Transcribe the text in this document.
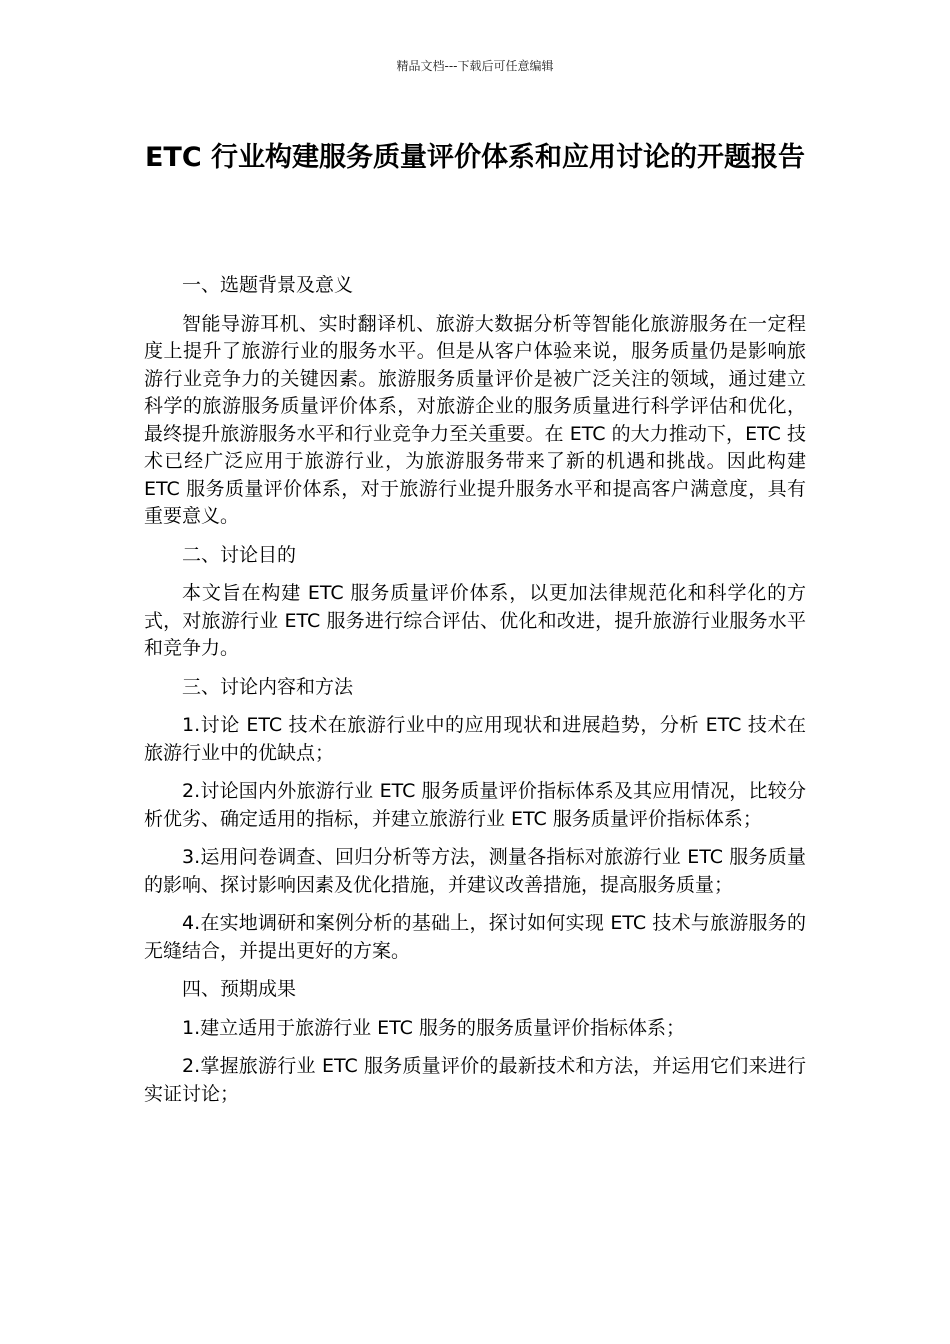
精品文档---下载后可任意编辑
ETC 行业构建服务质量评价体系和应用讨论的开题报告

一、选题背景及意义

智能导游耳机、实时翻译机、旅游大数据分析等智能化旅游服务在一定程度上提升了旅游行业的服务水平。但是从客户体验来说，服务质量仍是影响旅游行业竞争力的关键因素。旅游服务质量评价是被广泛关注的领域，通过建立科学的旅游服务质量评价体系，对旅游企业的服务质量进行科学评估和优化，最终提升旅游服务水平和行业竞争力至关重要。在 ETC 的大力推动下，ETC 技术已经广泛应用于旅游行业，为旅游服务带来了新的机遇和挑战。因此构建 ETC 服务质量评价体系，对于旅游行业提升服务水平和提高客户满意度，具有重要意义。

二、讨论目的

本文旨在构建 ETC 服务质量评价体系，以更加法律规范化和科学化的方式，对旅游行业 ETC 服务进行综合评估、优化和改进，提升旅游行业服务水平和竞争力。

三、讨论内容和方法

1.讨论 ETC 技术在旅游行业中的应用现状和进展趋势，分析 ETC 技术在旅游行业中的优缺点；

2.讨论国内外旅游行业 ETC 服务质量评价指标体系及其应用情况，比较分析优劣、确定适用的指标，并建立旅游行业 ETC 服务质量评价指标体系；

3.运用问卷调查、回归分析等方法，测量各指标对旅游行业 ETC 服务质量的影响、探讨影响因素及优化措施，并建议改善措施，提高服务质量；

4.在实地调研和案例分析的基础上，探讨如何实现 ETC 技术与旅游服务的无缝结合，并提出更好的方案。

四、预期成果

1.建立适用于旅游行业 ETC 服务的服务质量评价指标体系；

2.掌握旅游行业 ETC 服务质量评价的最新技术和方法，并运用它们来进行实证讨论；
